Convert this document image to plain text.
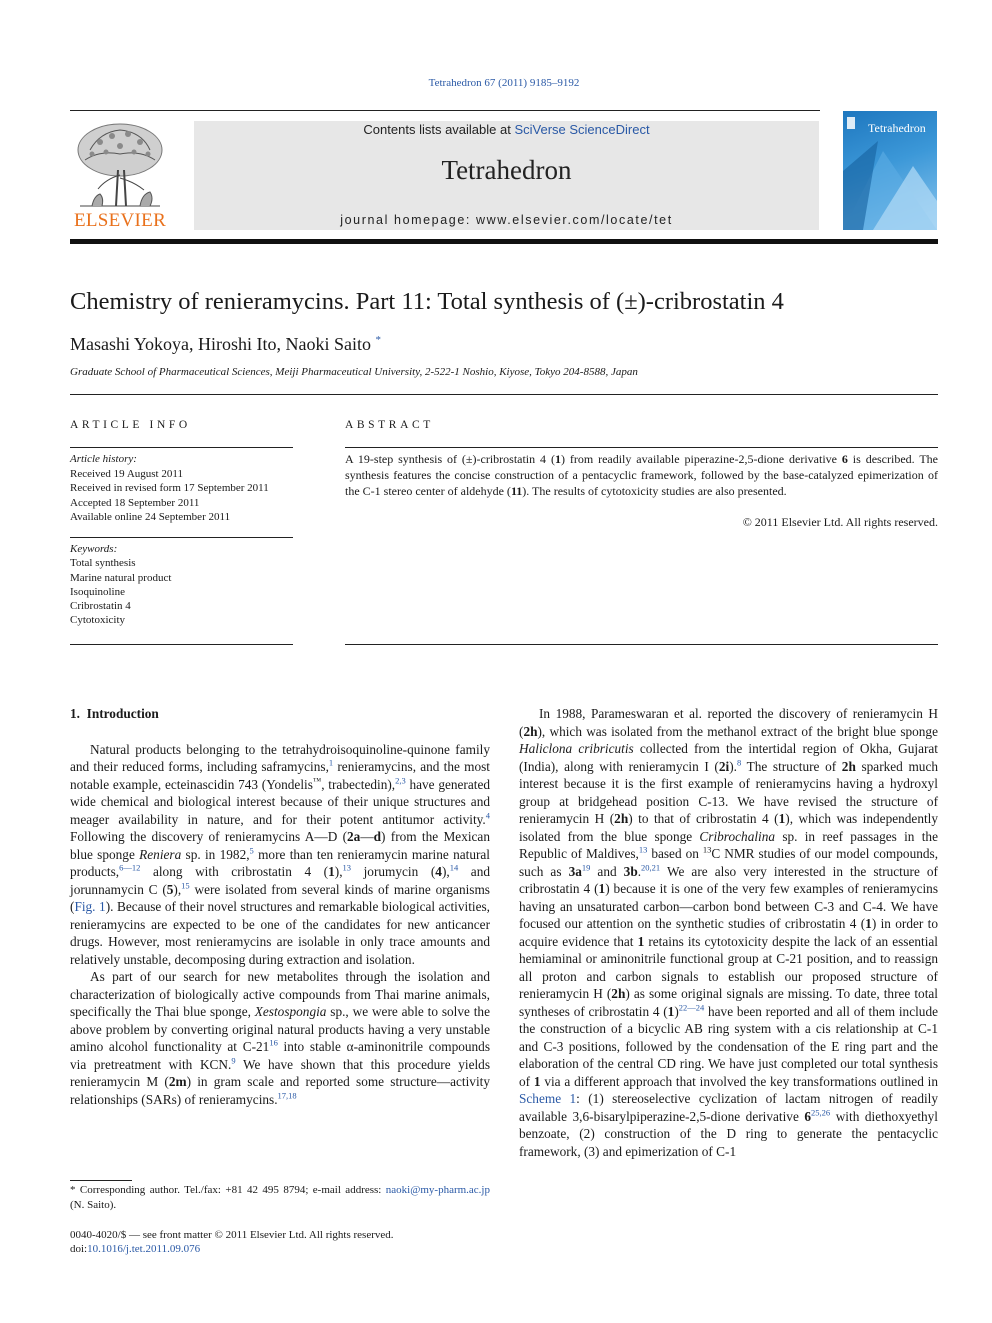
Tetrahedron 67 (2011) 9185–9192
ELSEVIER
Contents lists available at SciVerse ScienceDirect
Tetrahedron
journal homepage: www.elsevier.com/locate/tet
Tetrahedron
Chemistry of renieramycins. Part 11: Total synthesis of (±)-cribrostatin 4
Masashi Yokoya, Hiroshi Ito, Naoki Saito *
Graduate School of Pharmaceutical Sciences, Meiji Pharmaceutical University, 2-522-1 Noshio, Kiyose, Tokyo 204-8588, Japan
ARTICLE INFO	ABSTRACT
Article history:
Received 19 August 2011
Received in revised form 17 September 2011
Accepted 18 September 2011
Available online 24 September 2011
Keywords:
Total synthesis
Marine natural product
Isoquinoline
Cribrostatin 4
Cytotoxicity
A 19-step synthesis of (±)-cribrostatin 4 (1) from readily available piperazine-2,5-dione derivative 6 is described. The synthesis features the concise construction of a pentacyclic framework, followed by the base-catalyzed epimerization of the C-1 stereo center of aldehyde (11). The results of cytotoxicity studies are also presented.
© 2011 Elsevier Ltd. All rights reserved.

1. Introduction

Natural products belonging to the tetrahydroisoquinoline-quinone family and their reduced forms, including saframycins,$^1$ renieramycins, and the most notable example, ecteinascidin 743 (Yondelis™, trabectedin),$^{2,3}$ have generated wide chemical and biological interest because of their unique structures and meager availability in nature, and for their potent antitumor activity.$^4$ Following the discovery of renieramycins A—D (2a—d) from the Mexican blue sponge Reniera sp. in 1982,$^5$ more than ten renieramycin marine natural products,$^{6—12}$ along with cribrostatin 4 (1),$^{13}$ jorumycin (4),$^{14}$ and jorunnamycin C (5),$^{15}$ were isolated from several kinds of marine organisms (Fig. 1). Because of their novel structures and remarkable biological activities, renieramycins are expected to be one of the candidates for new anticancer drugs. However, most renieramycins are isolable in only trace amounts and relatively unstable, decomposing during extraction and isolation.

As part of our search for new metabolites through the isolation and characterization of biologically active compounds from Thai marine animals, specifically the Thai blue sponge, Xestospongia sp., we were able to solve the above problem by converting original natural products having a very unstable amino alcohol functionality at $C-21^{16}$ into stable α-aminonitrile compounds via pretreatment with KCN.$^9$ We have shown that this procedure yields renieramycin M (2m) in gram scale and reported some structure—activity relationships (SARs) of renieramycins.$^{17,18}$

* Corresponding author. Tel./fax: +81 42 495 8794; e-mail address: naoki@my-pharm.ac.jp (N. Saito).
0040-4020/$ — see front matter © 2011 Elsevier Ltd. All rights reserved.
doi:10.1016/j.tet.2011.09.076

In 1988, Parameswaran et al. reported the discovery of renieramycin H (2h), which was isolated from the methanol extract of the bright blue sponge Haliclona cribricutis collected from the intertidal region of Okha, Gujarat (India), along with renieramycin I (2i).$^8$ The structure of 2h sparked much interest because it is the first example of renieramycins having a hydroxyl group at bridgehead position C-13. We have revised the structure of renieramycin H (2h) to that of cribrostatin 4 (1), which was independently isolated from the blue sponge Cribrochalina sp. in reef passages in the Republic of Maldives,$^{13}$ based on $^{13}$C NMR studies of our model compounds, such as $3a^{19}$ and 3b.$^{20,21}$ We are also very interested in the structure of cribrostatin 4 (1) because it is one of the very few examples of renieramycins having an unsaturated carbon—carbon bond between C-3 and C-4. We have focused our attention on the synthetic studies of cribrostatin 4 (1) in order to acquire evidence that 1 retains its cytotoxicity despite the lack of an essential hemiaminal or aminonitrile functional group at C-21 position, and to reassign all proton and carbon signals to establish our proposed structure of renieramycin H (2h) as some original signals are missing. To date, three total syntheses of cribrostatin 4 $(1)^{22—24}$ have been reported and all of them include the construction of a bicyclic AB ring system with a cis relationship at C-1 and C-3 positions, followed by the condensation of the E ring part and the elaboration of the central CD ring. We have just completed our total synthesis of 1 via a different approach that involved the key transformations outlined in Scheme 1: (1) stereoselective cyclization of lactam nitrogen of readily available 3,6-bisarylpiperazine-2,5-dione derivative 6$^{25,26}$ with diethoxyethyl benzoate, (2) construction of the D ring to generate the pentacyclic framework, (3) and epimerization of C-1
